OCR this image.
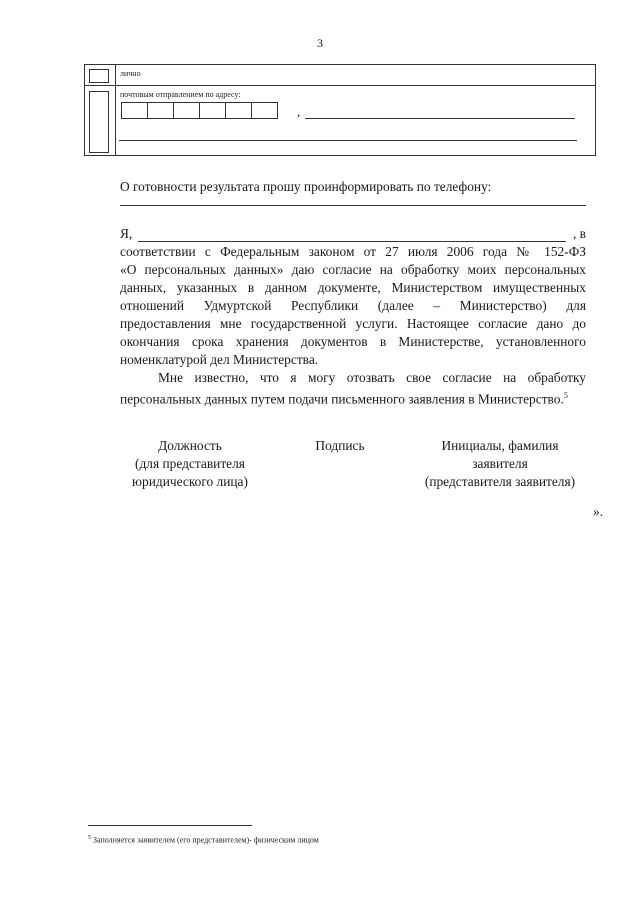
3
лично
почтовым отправлением по адресу:
,
О готовности результата прошу проинформировать по телефону:
Я,	, в
соответствии с Федеральным законом от 27 июля 2006 года № 152-ФЗ
«О персональных данных» даю согласие на обработку моих персональных
данных, указанных в данном документе, Министерством имущественных
отношений Удмуртской Республики (далее – Министерство) для
предоставления мне государственной услуги. Настоящее согласие дано до
окончания срока хранения документов в Министерстве, установленного
номенклатурой дел Министерства.
Мне известно, что я могу отозвать свое согласие на обработку
персональных данных путем подачи письменного заявления в Министерство.$^5$
Должность
(для представителя
юридического лица)
Подпись	Инициалы, фамилия
заявителя
(представителя заявителя)
».
$^5$ Заполняется заявителем (его представителем)- физическим лицом
